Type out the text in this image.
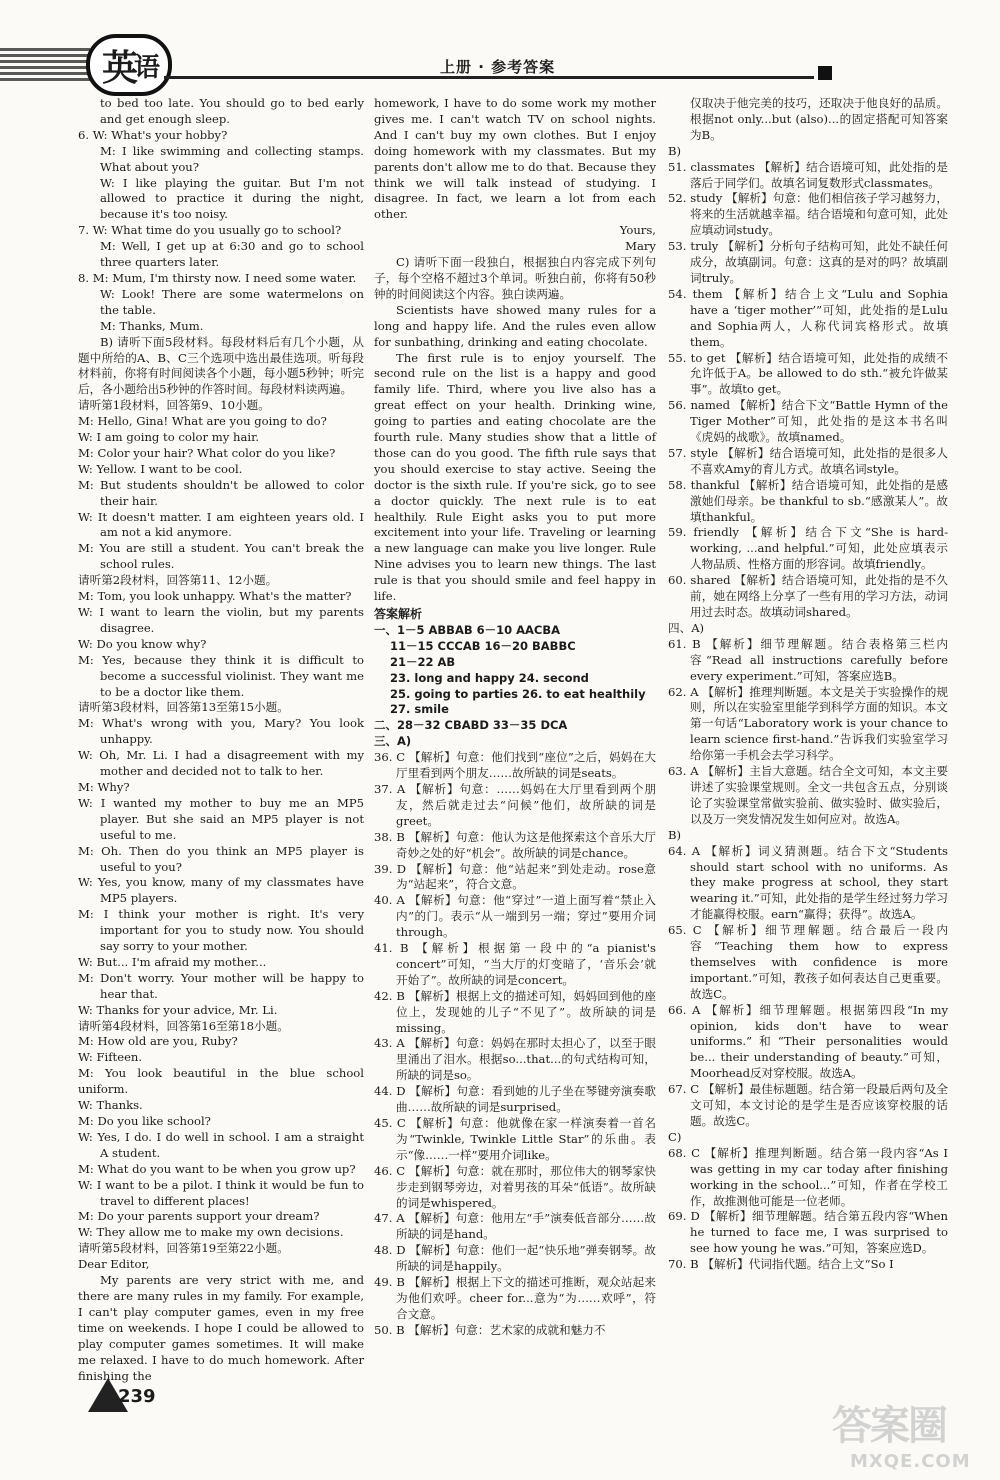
英 语	上册 · 参考答案

to bed too late. You should go to bed early and get enough sleep.

6. W: What's your hobby?

M: I like swimming and collecting stamps. What about you?

W: I like playing the guitar. But I'm not allowed to practice it during the night, because it's too noisy.

7. W: What time do you usually go to school?

M: Well, I get up at 6:30 and go to school three quarters later.

8. M: Mum, I'm thirsty now. I need some water.

W: Look! There are some watermelons on the table.

M: Thanks, Mum.

B) 请听下面5段材料。每段材料后有几个小题，从题中所给的A、B、C三个选项中选出最佳选项。听每段材料前，你将有时间阅读各个小题，每小题5秒钟；听完后，各小题给出5秒钟的作答时间。每段材料读两遍。

请听第1段材料，回答第9、10小题。

M: Hello, Gina! What are you going to do?

W: I am going to color my hair.

M: Color your hair? What color do you like?

W: Yellow. I want to be cool.

M: But students shouldn't be allowed to color their hair.

W: It doesn't matter. I am eighteen years old. I am not a kid anymore.

M: You are still a student. You can't break the school rules.

请听第2段材料，回答第11、12小题。

M: Tom, you look unhappy. What's the matter?

W: I want to learn the violin, but my parents disagree.

W: Do you know why?

M: Yes, because they think it is difficult to become a successful violinist. They want me to be a doctor like them.

请听第3段材料，回答第13至第15小题。

M: What's wrong with you, Mary? You look unhappy.

W: Oh, Mr. Li. I had a disagreement with my mother and decided not to talk to her.

M: Why?

W: I wanted my mother to buy me an MP5 player. But she said an MP5 player is not useful to me.

M: Oh. Then do you think an MP5 player is useful to you?

W: Yes, you know, many of my classmates have MP5 players.

M: I think your mother is right. It's very important for you to study now. You should say sorry to your mother.

W: But... I'm afraid my mother...

M: Don't worry. Your mother will be happy to hear that.

W: Thanks for your advice, Mr. Li.

请听第4段材料，回答第16至第18小题。

M: How old are you, Ruby?

W: Fifteen.

M: You look beautiful in the blue school uniform.

W: Thanks.

M: Do you like school?

W: Yes, I do. I do well in school. I am a straight A student.

M: What do you want to be when you grow up?

W: I want to be a pilot. I think it would be fun to travel to different places!

M: Do your parents support your dream?

W: They allow me to make my own decisions.

请听第5段材料，回答第19至第22小题。

Dear Editor,

My parents are very strict with me, and there are many rules in my family. For example, I can't play computer games, even in my free time on weekends. I hope I could be allowed to play computer games sometimes. It will make me relaxed. I have to do much homework. After finishing the

homework, I have to do some work my mother gives me. I can't watch TV on school nights. And I can't buy my own clothes. But I enjoy doing homework with my classmates. But my parents don't allow me to do that. Because they think we will talk instead of studying. I disagree. In fact, we learn a lot from each other.

Yours,

Mary

C) 请听下面一段独白，根据独白内容完成下列句子，每个空格不超过3个单词。听独白前，你将有50秒钟的时间阅读这个内容。独白读两遍。

Scientists have showed many rules for a long and happy life. And the rules even allow for sunbathing, drinking and eating chocolate.

The first rule is to enjoy yourself. The second rule on the list is a happy and good family life. Third, where you live also has a great effect on your health. Drinking wine, going to parties and eating chocolate are the fourth rule. Many studies show that a little of those can do you good. The fifth rule says that you should exercise to stay active. Seeing the doctor is the sixth rule. If you're sick, go to see a doctor quickly. The next rule is to eat healthily. Rule Eight asks you to put more excitement into your life. Traveling or learning a new language can make you live longer. Rule Nine advises you to learn new things. The last rule is that you should smile and feel happy in life.

答案解析

一、1－5 ABBAB 6－10 AACBA

11－15 CCCAB 16－20 BABBC

21－22 AB

23. long and happy 24. second

25. going to parties 26. to eat healthily

27. smile

二、28－32 CBABD 33－35 DCA

三、A)

36. C 【解析】句意：他们找到“座位”之后，妈妈在大厅里看到两个朋友……故所缺的词是seats。

37. A 【解析】句意：……妈妈在大厅里看到两个朋友，然后就走过去“问候”他们，故所缺的词是greet。

38. B 【解析】句意：他认为这是他探索这个音乐大厅奇妙之处的好“机会”。故所缺的词是chance。

39. D 【解析】句意：他“站起来”到处走动。rose意为“站起来”，符合文意。

40. A 【解析】句意：他“穿过”一道上面写着“禁止入内”的门。表示“从一端到另一端；穿过”要用介词through。

41. B 【解析】根据第一段中的“a pianist's concert”可知，“当大厅的灯变暗了，‘音乐会’就开始了”。故所缺的词是concert。

42. B 【解析】根据上文的描述可知，妈妈回到他的座位上，发现她的儿子“不见了”。故所缺的词是missing。

43. A 【解析】句意：妈妈在那时太担心了，以至于眼里涌出了泪水。根据so...that...的句式结构可知，所缺的词是so。

44. D 【解析】句意：看到她的儿子坐在琴键旁演奏歌曲……故所缺的词是surprised。

45. C 【解析】句意：他就像在家一样演奏着一首名为“Twinkle, Twinkle Little Star”的乐曲。表示“像……一样”要用介词like。

46. C 【解析】句意：就在那时，那位伟大的钢琴家快步走到钢琴旁边，对着男孩的耳朵“低语”。故所缺的词是whispered。

47. A 【解析】句意：他用左“手”演奏低音部分……故所缺的词是hand。

48. D 【解析】句意：他们一起“快乐地”弹奏钢琴。故所缺的词是happily。

49. B 【解析】根据上下文的描述可推断，观众站起来为他们欢呼。cheer for...意为“为……欢呼”，符合文意。

50. B 【解析】句意：艺术家的成就和魅力不

仅取决于他完美的技巧，还取决于他良好的品质。根据not only...but (also)...的固定搭配可知答案为B。

B)

51. classmates 【解析】结合语境可知，此处指的是落后于同学们。故填名词复数形式classmates。

52. study 【解析】句意：他们相信孩子学习越努力，将来的生活就越幸福。结合语境和句意可知，此处应填动词study。

53. truly 【解析】分析句子结构可知，此处不缺任何成分，故填副词。句意：这真的是对的吗？故填副词truly。

54. them 【解析】结合上文“Lulu and Sophia have a ‘tiger mother’”可知，此处指的是Lulu and Sophia两人，人称代词宾格形式。故填them。

55. to get 【解析】结合语境可知，此处指的成绩不允许低于A。be allowed to do sth.“被允许做某事”。故填to get。

56. named 【解析】结合下文“Battle Hymn of the Tiger Mother”可知，此处指的是这本书名叫《虎妈的战歌》。故填named。

57. style 【解析】结合语境可知，此处指的是很多人不喜欢Amy的育儿方式。故填名词style。

58. thankful 【解析】结合语境可知，此处指的是感激她们母亲。be thankful to sb.“感激某人”。故填thankful。

59. friendly 【解析】结合下文“She is hard-working, ...and helpful.”可知，此处应填表示人物品质、性格方面的形容词。故填friendly。

60. shared 【解析】结合语境可知，此处指的是不久前，她在网络上分享了一些有用的学习方法，动词用过去时态。故填动词shared。

四、A)

61. B 【解析】细节理解题。结合表格第三栏内容“Read all instructions carefully before every experiment.”可知，答案应选B。

62. A 【解析】推理判断题。本文是关于实验操作的规则，所以在实验室里能学到科学方面的知识。本文第一句话“Laboratory work is your chance to learn science first-hand.”告诉我们实验室学习给你第一手机会去学习科学。

63. A 【解析】主旨大意题。结合全文可知，本文主要讲述了实验课堂规则。全文一共包含五点，分别谈论了实验课堂常做实验前、做实验时、做实验后，以及万一突发情况发生如何应对。故选A。

B)

64. A 【解析】词义猜测题。结合下文“Students should start school with no uniforms. As they make progress at school, they start wearing it.”可知，此处指的是学生经过努力学习才能赢得校服。earn“赢得；获得”。故选A。

65. C 【解析】细节理解题。结合最后一段内容“Teaching them how to express themselves with confidence is more important.”可知，教孩子如何表达自己更重要。故选C。

66. A 【解析】细节理解题。根据第四段“In my opinion, kids don't have to wear uniforms.”和“Their personalities would be... their understanding of beauty.”可知，Moorhead反对穿校服。故选A。

67. C 【解析】最佳标题题。结合第一段最后两句及全文可知，本文讨论的是学生是否应该穿校服的话题。故选C。

C)

68. C 【解析】推理判断题。结合第一段内容“As I was getting in my car today after finishing working in the school...”可知，作者在学校工作，故推测他可能是一位老师。

69. D 【解析】细节理解题。结合第五段内容“When he turned to face me, I was surprised to see how young he was.”可知，答案应选D。

70. B 【解析】代词指代题。结合上文“So I

239
答案圈
MXQE.COM
